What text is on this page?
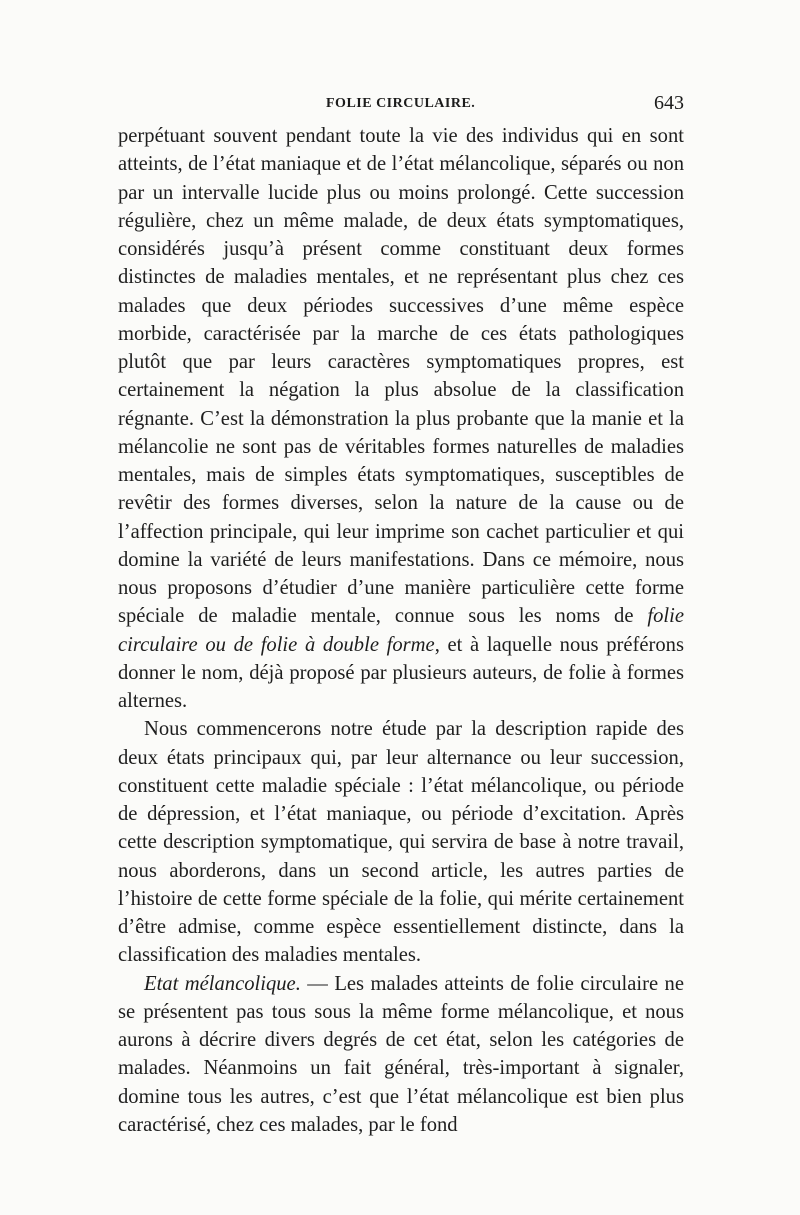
FOLIE CIRCULAIRE.	643

perpétuant souvent pendant toute la vie des individus qui en sont atteints, de l’état maniaque et de l’état mélancolique, séparés ou non par un intervalle lucide plus ou moins prolongé. Cette succession régulière, chez un même malade, de deux états symptomatiques, considérés jusqu’à présent comme constituant deux formes distinctes de maladies mentales, et ne représentant plus chez ces malades que deux périodes successives d’une même espèce morbide, caractérisée par la marche de ces états pathologiques plutôt que par leurs caractères symptomatiques propres, est certainement la négation la plus absolue de la classification régnante. C’est la démonstration la plus probante que la manie et la mélancolie ne sont pas de véritables formes naturelles de maladies mentales, mais de simples états symptomatiques, susceptibles de revêtir des formes diverses, selon la nature de la cause ou de l’affection principale, qui leur imprime son cachet particulier et qui domine la variété de leurs manifestations. Dans ce mémoire, nous nous proposons d’étudier d’une manière particulière cette forme spéciale de maladie mentale, connue sous les noms de folie circulaire ou de folie à double forme, et à laquelle nous préférons donner le nom, déjà proposé par plusieurs auteurs, de folie à formes alternes.

Nous commencerons notre étude par la description rapide des deux états principaux qui, par leur alternance ou leur succession, constituent cette maladie spéciale : l’état mélancolique, ou période de dépression, et l’état maniaque, ou période d’excitation. Après cette description symptomatique, qui servira de base à notre travail, nous aborderons, dans un second article, les autres parties de l’histoire de cette forme spéciale de la folie, qui mérite certainement d’être admise, comme espèce essentiellement distincte, dans la classification des maladies mentales.

Etat mélancolique. — Les malades atteints de folie circulaire ne se présentent pas tous sous la même forme mélancolique, et nous aurons à décrire divers degrés de cet état, selon les catégories de malades. Néanmoins un fait général, très-important à signaler, domine tous les autres, c’est que l’état mélancolique est bien plus caractérisé, chez ces malades, par le fond
